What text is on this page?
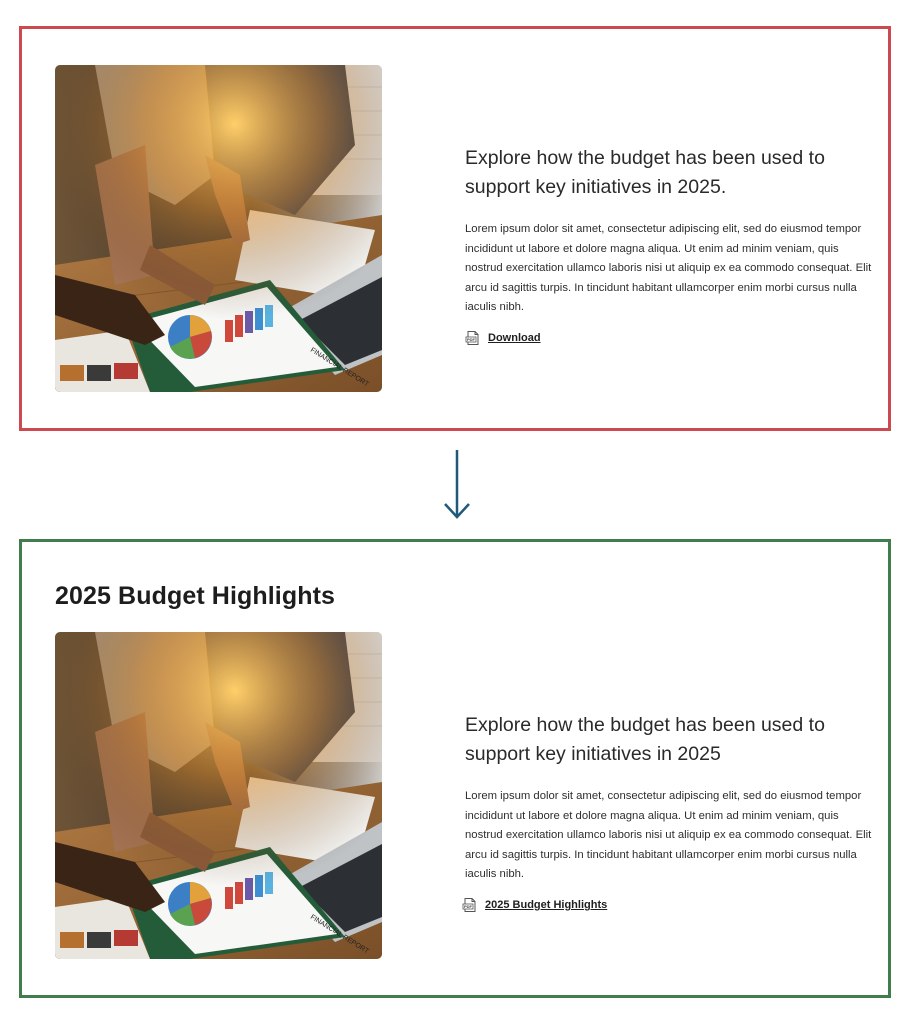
FINANCIAL REPORT
Explore how the budget has been used to support key initiatives in 2025.

Lorem ipsum dolor sit amet, consectetur adipiscing elit, sed do eiusmod tempor incididunt ut labore et dolore magna aliqua. Ut enim ad minim veniam, quis nostrud exercitation ullamco laboris nisi ut aliquip ex ea commodo consequat. Elit arcu id sagittis turpis. In tincidunt habitant ullamcorper enim morbi cursus nulla iaculis nibh.

PDF Download
2025 Budget Highlights
FINANCIAL REPORT
Explore how the budget has been used to support key initiatives in 2025

Lorem ipsum dolor sit amet, consectetur adipiscing elit, sed do eiusmod tempor incididunt ut labore et dolore magna aliqua. Ut enim ad minim veniam, quis nostrud exercitation ullamco laboris nisi ut aliquip ex ea commodo consequat. Elit arcu id sagittis turpis. In tincidunt habitant ullamcorper enim morbi cursus nulla iaculis nibh.

PDF 2025 Budget Highlights
